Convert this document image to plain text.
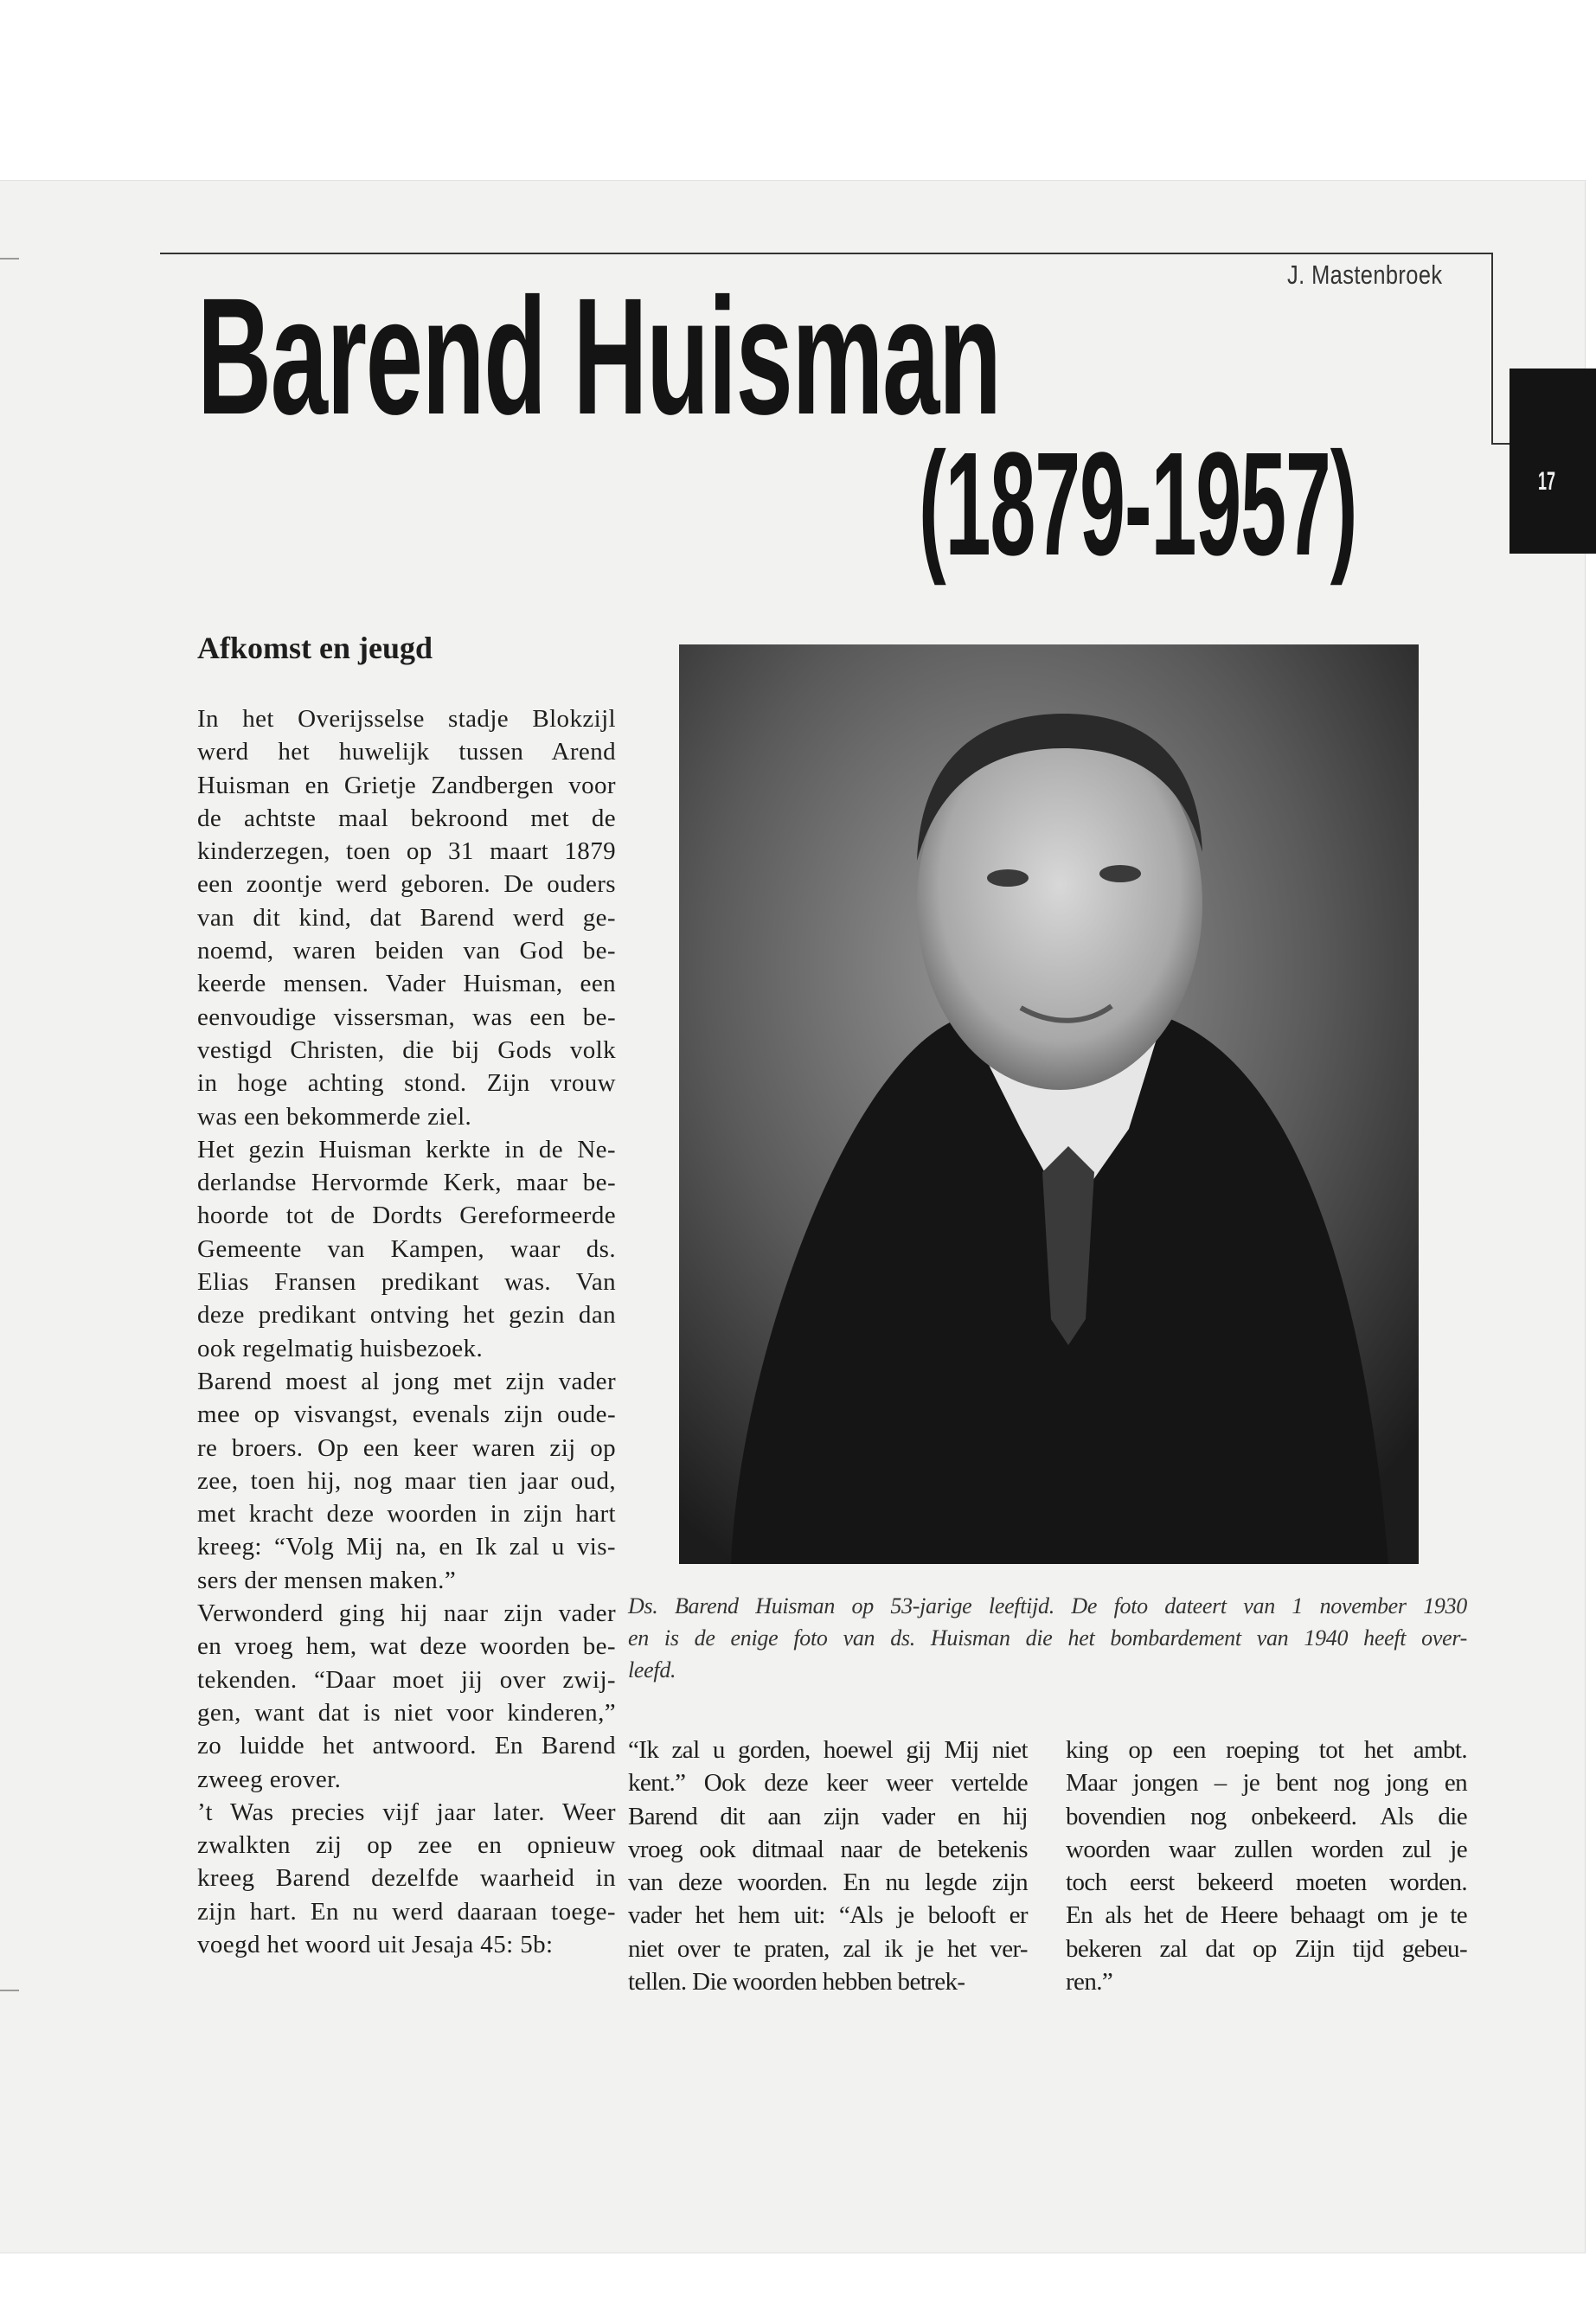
J. Mastenbroek
Barend Huisman
(1879-1957)	17
Afkomst en jeugd
In het Overijsselse stadje Blokzijl
werd het huwelijk tussen Arend
Huisman en Grietje Zandbergen voor
de achtste maal bekroond met de
kinderzegen, toen op 31 maart 1879
een zoontje werd geboren. De ouders
van dit kind, dat Barend werd ge-
noemd, waren beiden van God be-
keerde mensen. Vader Huisman, een
eenvoudige vissersman, was een be-
vestigd Christen, die bij Gods volk
in hoge achting stond. Zijn vrouw
was een bekommerde ziel.
Het gezin Huisman kerkte in de Ne-
derlandse Hervormde Kerk, maar be-
hoorde tot de Dordts Gereformeerde
Gemeente van Kampen, waar ds.
Elias Fransen predikant was. Van
deze predikant ontving het gezin dan
ook regelmatig huisbezoek.
Barend moest al jong met zijn vader
mee op visvangst, evenals zijn oude-
re broers. Op een keer waren zij op
zee, toen hij, nog maar tien jaar oud,
met kracht deze woorden in zijn hart
kreeg: “Volg Mij na, en Ik zal u vis-
sers der mensen maken.”
Verwonderd ging hij naar zijn vader
en vroeg hem, wat deze woorden be-
tekenden. “Daar moet jij over zwij-
gen, want dat is niet voor kinderen,”
zo luidde het antwoord. En Barend
zweeg erover.
’t Was precies vijf jaar later. Weer
zwalkten zij op zee en opnieuw
kreeg Barend dezelfde waarheid in
zijn hart. En nu werd daaraan toege-
voegd het woord uit Jesaja 45: 5b:
Ds. Barend Huisman op 53-jarige leeftijd. De foto dateert van 1 november 1930
en is de enige foto van ds. Huisman die het bombardement van 1940 heeft over-
leefd.
“Ik zal u gorden, hoewel gij Mij niet
kent.” Ook deze keer weer vertelde
Barend dit aan zijn vader en hij
vroeg ook ditmaal naar de betekenis
van deze woorden. En nu legde zijn
vader het hem uit: “Als je belooft er
niet over te praten, zal ik je het ver-
tellen. Die woorden hebben betrek-
king op een roeping tot het ambt.
Maar jongen – je bent nog jong en
bovendien nog onbekeerd. Als die
woorden waar zullen worden zul je
toch eerst bekeerd moeten worden.
En als het de Heere behaagt om je te
bekeren zal dat op Zijn tijd gebeu-
ren.”
